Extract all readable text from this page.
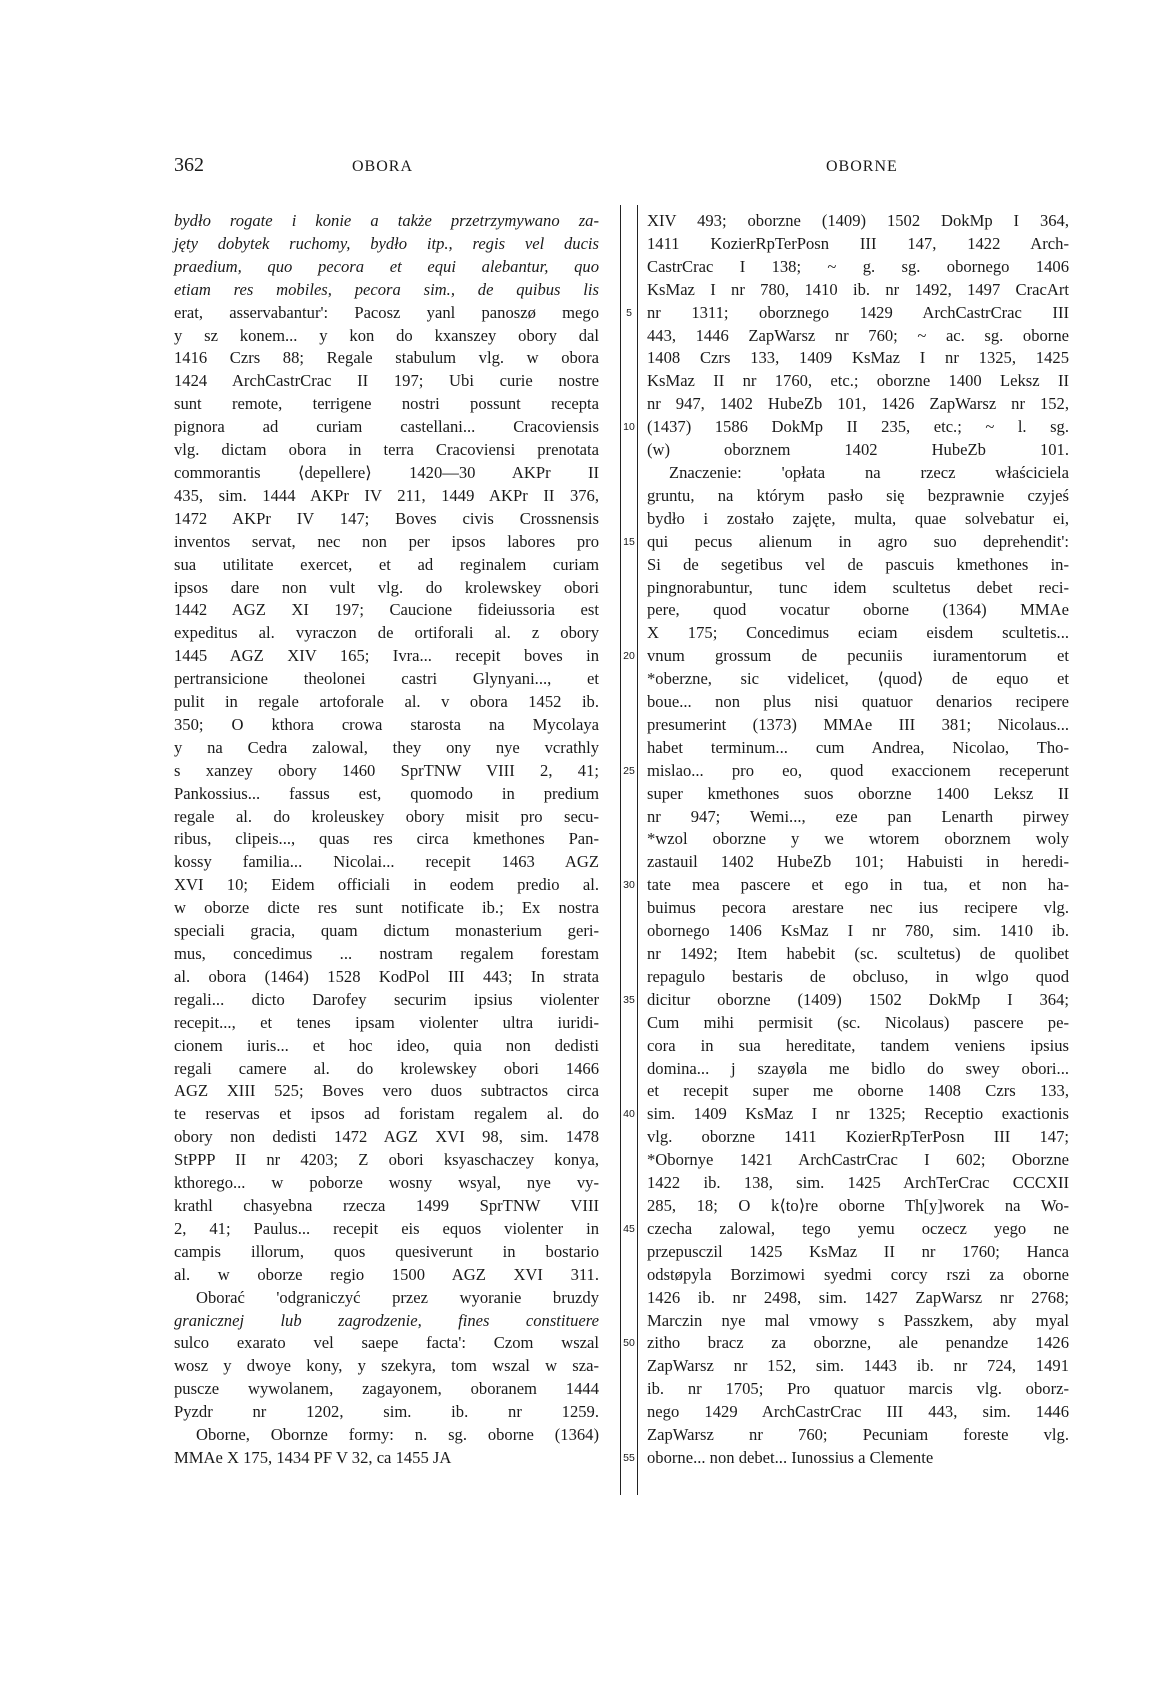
362	OBORA	OBORNE
5
10
15
20
25
30
35
40
45
50
55
bydło rogate i konie a także przetrzymywano za-
jęty dobytek ruchomy, bydło itp., regis vel ducis
praedium, quo pecora et equi alebantur, quo
etiam res mobiles, pecora sim., de quibus lis
erat, asservabantur': Pacosz yanl panoszø mego
y sz konem... y kon do kxanszey obory dal
1416 Czrs 88; Regale stabulum vlg. w obora
1424 ArchCastrCrac II 197; Ubi curie nostre
sunt remote, terrigene nostri possunt recepta
pignora ad curiam castellani... Cracoviensis
vlg. dictam obora in terra Cracoviensi prenotata
commorantis ⟨depellere⟩ 1420—30 AKPr II
435, sim. 1444 AKPr IV 211, 1449 AKPr II 376,
1472 AKPr IV 147; Boves civis Crossnensis
inventos servat, nec non per ipsos labores pro
sua utilitate exercet, et ad reginalem curiam
ipsos dare non vult vlg. do krolewskey obori
1442 AGZ XI 197; Caucione fideiussoria est
expeditus al. vyraczon de ortiforali al. z obory
1445 AGZ XIV 165; Ivra... recepit boves in
pertransicione theolonei castri Glynyani..., et
pulit in regale artoforale al. v obora 1452 ib.
350; O kthora crowa starosta na Mycolaya
y na Cedra zalowal, they ony nye vcrathly
s xanzey obory 1460 SprTNW VIII 2, 41;
Pankossius... fassus est, quomodo in predium
regale al. do kroleuskey obory misit pro secu-
ribus, clipeis..., quas res circa kmethones Pan-
kossy familia... Nicolai... recepit 1463 AGZ
XVI 10; Eidem officiali in eodem predio al.
w oborze dicte res sunt notificate ib.; Ex nostra
speciali gracia, quam dictum monasterium geri-
mus, concedimus ... nostram regalem forestam
al. obora (1464) 1528 KodPol III 443; In strata
regali... dicto Darofey securim ipsius violenter
recepit..., et tenes ipsam violenter ultra iuridi-
cionem iuris... et hoc ideo, quia non dedisti
regali camere al. do krolewskey obori 1466
AGZ XIII 525; Boves vero duos subtractos circa
te reservas et ipsos ad foristam regalem al. do
obory non dedisti 1472 AGZ XVI 98, sim. 1478
StPPP II nr 4203; Z obori ksyaschaczey konya,
kthorego... w poborze wosny wsyal, nye vy-
krathl chasyebna rzecza 1499 SprTNW VIII
2, 41; Paulus... recepit eis equos violenter in
campis illorum, quos quesiverunt in bostario
al. w oborze regio 1500 AGZ XVI 311.
Oborać 'odgraniczyć przez wyoranie bruzdy
granicznej lub zagrodzenie, fines constituere
sulco exarato vel saepe facta': Czom wszal
wosz y dwoye kony, y szekyra, tom wszal w sza-
puscze wywolanem, zagayonem, oboranem 1444
Pyzdr nr 1202, sim. ib. nr 1259.
Oborne, Obornze formy: n. sg. oborne (1364)
MMAe X 175, 1434 PF V 32, ca 1455 JA
XIV 493; oborzne (1409) 1502 DokMp I 364,
1411 KozierRpTerPosn III 147, 1422 Arch-
CastrCrac I 138; ~ g. sg. obornego 1406
KsMaz I nr 780, 1410 ib. nr 1492, 1497 CracArt
nr 1311; oborznego 1429 ArchCastrCrac III
443, 1446 ZapWarsz nr 760; ~ ac. sg. oborne
1408 Czrs 133, 1409 KsMaz I nr 1325, 1425
KsMaz II nr 1760, etc.; oborzne 1400 Leksz II
nr 947, 1402 HubeZb 101, 1426 ZapWarsz nr 152,
(1437) 1586 DokMp II 235, etc.; ~ l. sg.
(w) oborznem 1402 HubeZb 101.
Znaczenie: 'opłata na rzecz właściciela
gruntu, na którym pasło się bezprawnie czyjeś
bydło i zostało zajęte, multa, quae solvebatur ei,
qui pecus alienum in agro suo deprehendit':
Si de segetibus vel de pascuis kmethones in-
pingnorabuntur, tunc idem scultetus debet reci-
pere, quod vocatur oborne (1364) MMAe
X 175; Concedimus eciam eisdem scultetis...
vnum grossum de pecuniis iuramentorum et
*oberzne, sic videlicet, ⟨quod⟩ de equo et
boue... non plus nisi quatuor denarios recipere
presumerint (1373) MMAe III 381; Nicolaus...
habet terminum... cum Andrea, Nicolao, Tho-
mislao... pro eo, quod exaccionem receperunt
super kmethones suos oborzne 1400 Leksz II
nr 947; Wemi..., eze pan Lenarth pirwey
*wzol oborzne y we wtorem oborznem woly
zastauil 1402 HubeZb 101; Habuisti in heredi-
tate mea pascere et ego in tua, et non ha-
buimus pecora arestare nec ius recipere vlg.
obornego 1406 KsMaz I nr 780, sim. 1410 ib.
nr 1492; Item habebit (sc. scultetus) de quolibet
repagulo bestaris de obcluso, in wlgo quod
dicitur oborzne (1409) 1502 DokMp I 364;
Cum mihi permisit (sc. Nicolaus) pascere pe-
cora in sua hereditate, tandem veniens ipsius
domina... j szayøla me bidlo do swey obori...
et recepit super me oborne 1408 Czrs 133,
sim. 1409 KsMaz I nr 1325; Receptio exactionis
vlg. oborzne 1411 KozierRpTerPosn III 147;
*Obornye 1421 ArchCastrCrac I 602; Oborzne
1422 ib. 138, sim. 1425 ArchTerCrac CCCXII
285, 18; O k⟨to⟩re oborne Th[y]worek na Wo-
czecha zalowal, tego yemu oczecz yego ne
przepusczil 1425 KsMaz II nr 1760; Hanca
odstøpyla Borzimowi syedmi corcy rszi za oborne
1426 ib. nr 2498, sim. 1427 ZapWarsz nr 2768;
Marczin nye mal vmowy s Passzkem, aby myal
zitho bracz za oborzne, ale penandze 1426
ZapWarsz nr 152, sim. 1443 ib. nr 724, 1491
ib. nr 1705; Pro quatuor marcis vlg. oborz-
nego 1429 ArchCastrCrac III 443, sim. 1446
ZapWarsz nr 760; Pecuniam foreste vlg.
oborne... non debet... Iunossius a Clemente
